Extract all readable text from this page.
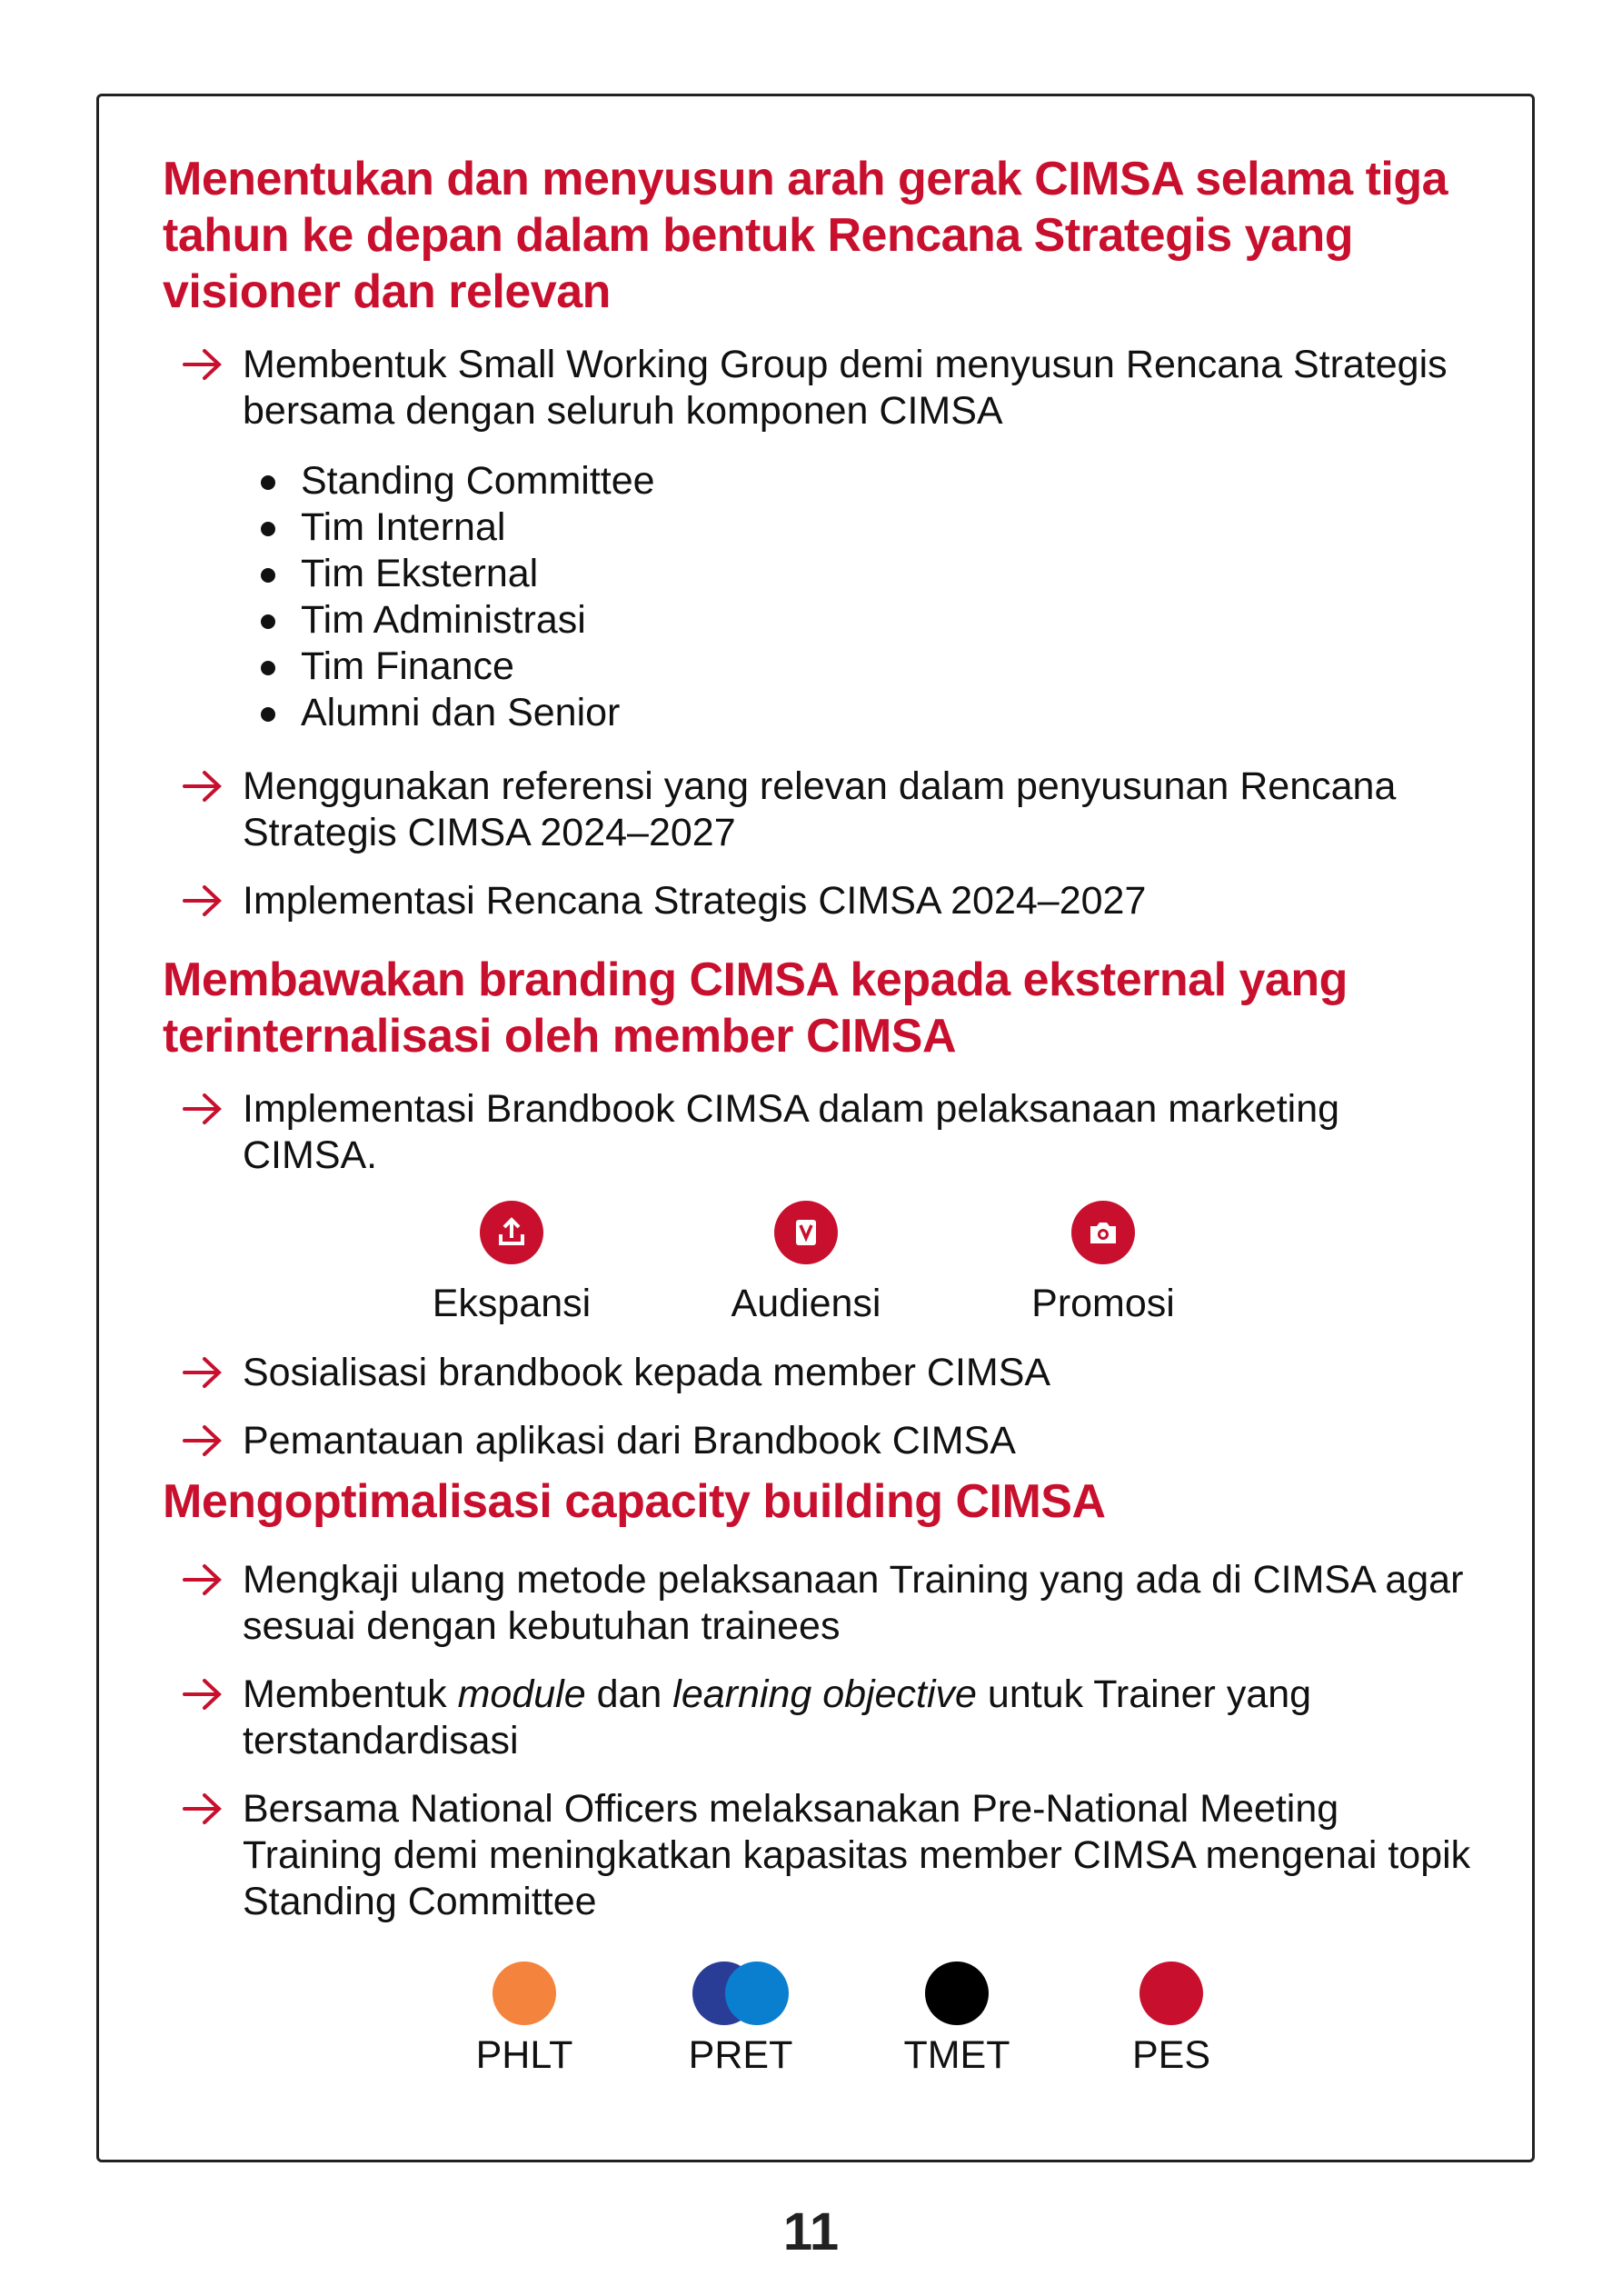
Menentukan dan menyusun arah gerak CIMSA selama tiga tahun ke depan dalam bentuk Rencana Strategis yang visioner dan relevan
Membentuk Small Working Group demi menyusun Rencana Strategis bersama dengan seluruh komponen CIMSA
Standing Committee
Tim Internal
Tim Eksternal
Tim Administrasi
Tim Finance
Alumni dan Senior
Menggunakan referensi yang relevan dalam penyusunan Rencana Strategis CIMSA 2024–2027
Implementasi Rencana Strategis CIMSA 2024–2027
Membawakan branding CIMSA kepada eksternal yang terinternalisasi oleh member CIMSA
Implementasi Brandbook CIMSA dalam pelaksanaan marketing CIMSA.
Ekspansi	Audiensi	Promosi
Sosialisasi brandbook kepada member CIMSA
Pemantauan aplikasi dari Brandbook CIMSA
Mengoptimalisasi capacity building CIMSA
Mengkaji ulang metode pelaksanaan Training yang ada di CIMSA agar sesuai dengan kebutuhan trainees
Membentuk module dan learning objective untuk Trainer yang terstandardisasi
Bersama National Officers melaksanakan Pre-National Meeting Training demi meningkatkan kapasitas member CIMSA mengenai topik Standing Committee
PHLT	PRET	TMET	PES
11
